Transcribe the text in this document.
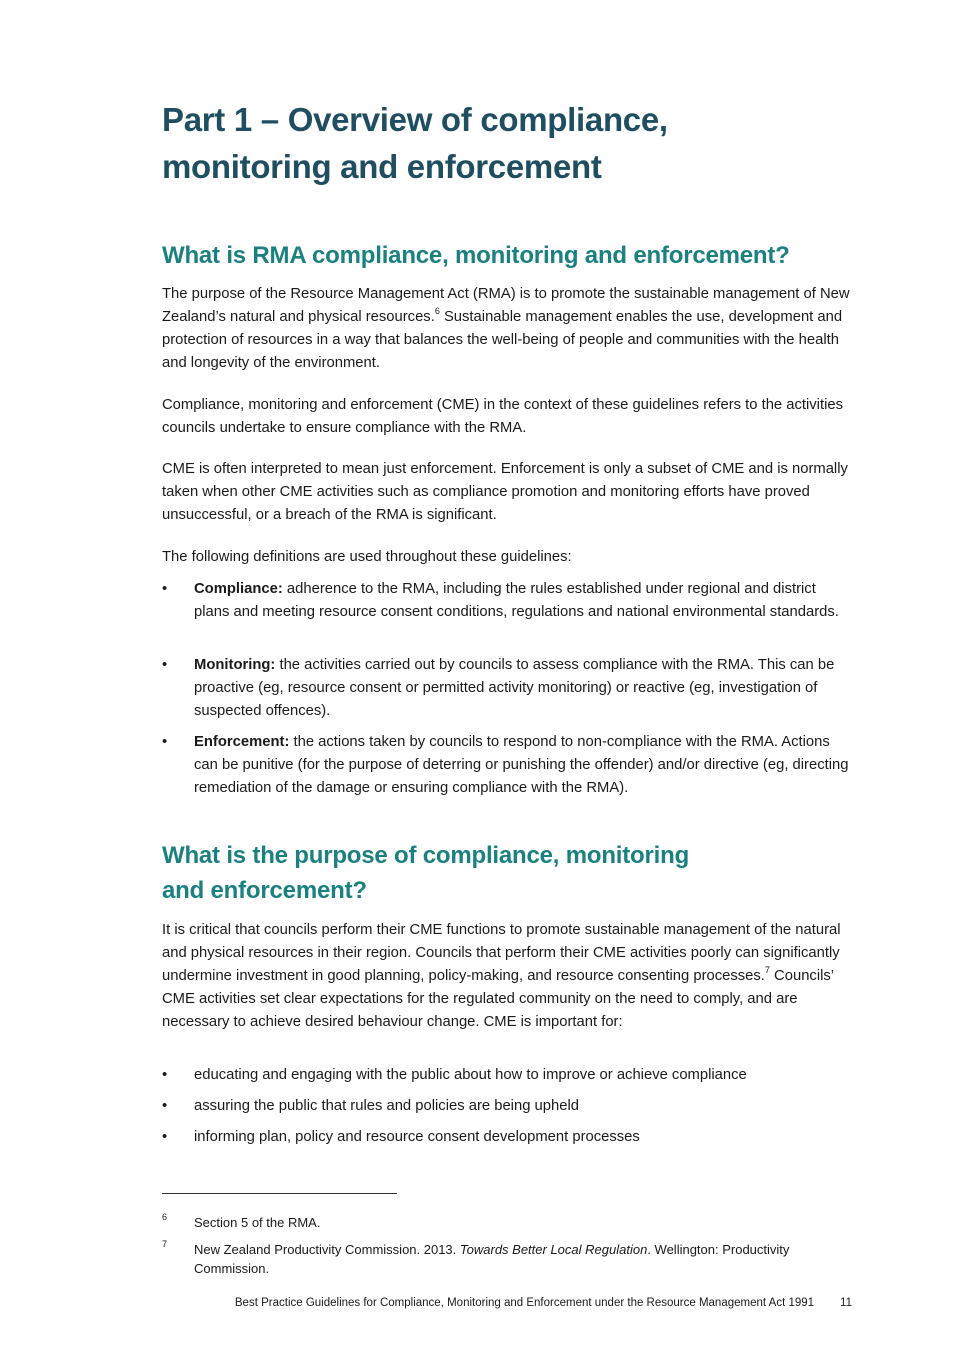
Part 1 – Overview of compliance, monitoring and enforcement
What is RMA compliance, monitoring and enforcement?

The purpose of the Resource Management Act (RMA) is to promote the sustainable management of New Zealand’s natural and physical resources.$^6$ Sustainable management enables the use, development and protection of resources in a way that balances the well-being of people and communities with the health and longevity of the environment.

Compliance, monitoring and enforcement (CME) in the context of these guidelines refers to the activities councils undertake to ensure compliance with the RMA.

CME is often interpreted to mean just enforcement. Enforcement is only a subset of CME and is normally taken when other CME activities such as compliance promotion and monitoring efforts have proved unsuccessful, or a breach of the RMA is significant.

The following definitions are used throughout these guidelines:

•	Compliance: adherence to the RMA, including the rules established under regional and district plans and meeting resource consent conditions, regulations and national environmental standards.
•	Monitoring: the activities carried out by councils to assess compliance with the RMA. This can be proactive (eg, resource consent or permitted activity monitoring) or reactive (eg, investigation of suspected offences).
•	Enforcement: the actions taken by councils to respond to non-compliance with the RMA. Actions can be punitive (for the purpose of deterring or punishing the offender) and/or directive (eg, directing remediation of the damage or ensuring compliance with the RMA).
What is the purpose of compliance, monitoring
and enforcement?

It is critical that councils perform their CME functions to promote sustainable management of the natural and physical resources in their region. Councils that perform their CME activities poorly can significantly undermine investment in good planning, policy-making, and resource consenting processes.$^7$ Councils’ CME activities set clear expectations for the regulated community on the need to comply, and are necessary to achieve desired behaviour change. CME is important for:

•	educating and engaging with the public about how to improve or achieve compliance
•	assuring the public that rules and policies are being upheld
•	informing plan, policy and resource consent development processes
6 Section 5 of the RMA.
7 New Zealand Productivity Commission. 2013. Towards Better Local Regulation. Wellington: Productivity Commission.
Best Practice Guidelines for Compliance, Monitoring and Enforcement under the Resource Management Act 1991 11
